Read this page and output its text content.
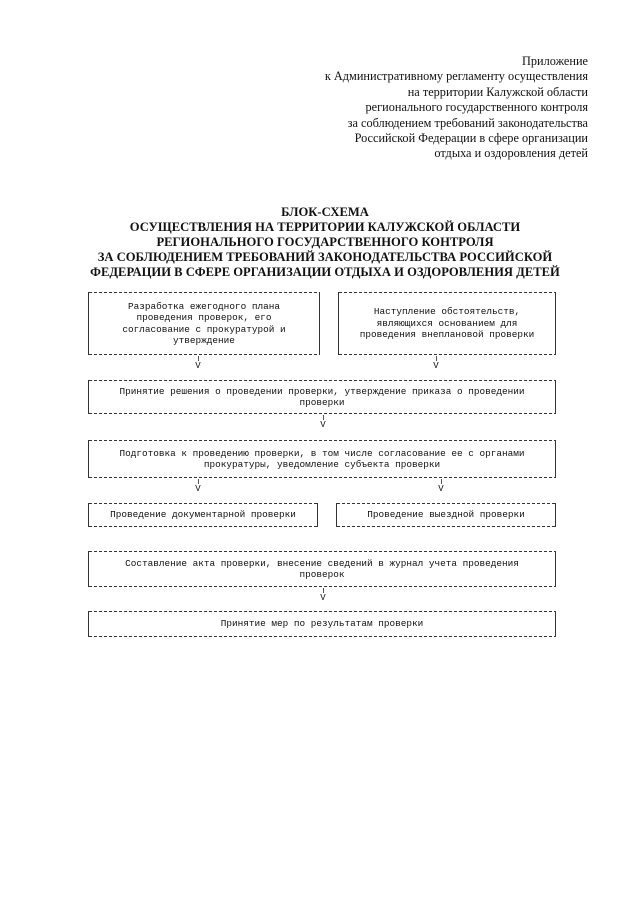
Приложение
к Административному регламенту осуществления
на территории Калужской области
регионального государственного контроля
за соблюдением требований законодательства
Российской Федерации в сфере организации
отдыха и оздоровления детей
БЛОК-СХЕМА
ОСУЩЕСТВЛЕНИЯ НА ТЕРРИТОРИИ КАЛУЖСКОЙ ОБЛАСТИ
РЕГИОНАЛЬНОГО ГОСУДАРСТВЕННОГО КОНТРОЛЯ
ЗА СОБЛЮДЕНИЕМ ТРЕБОВАНИЙ ЗАКОНОДАТЕЛЬСТВА РОССИЙСКОЙ
ФЕДЕРАЦИИ В СФЕРЕ ОРГАНИЗАЦИИ ОТДЫХА И ОЗДОРОВЛЕНИЯ ДЕТЕЙ
Разработка ежегодного плана
проведения проверок, его
согласование с прокуратурой и
утверждение
Наступление обстоятельств,
являющихся основанием для
проведения внеплановой проверки
V	V
Принятие решения о проведении проверки, утверждение приказа о проведении
проверки
V
Подготовка к проведению проверки, в том числе согласование ее с органами
прокуратуры, уведомление субъекта проверки
V	V
Проведение документарной проверки	Проведение выездной проверки
Составление акта проверки, внесение сведений в журнал учета проведения
проверок
V
Принятие мер по результатам проверки
